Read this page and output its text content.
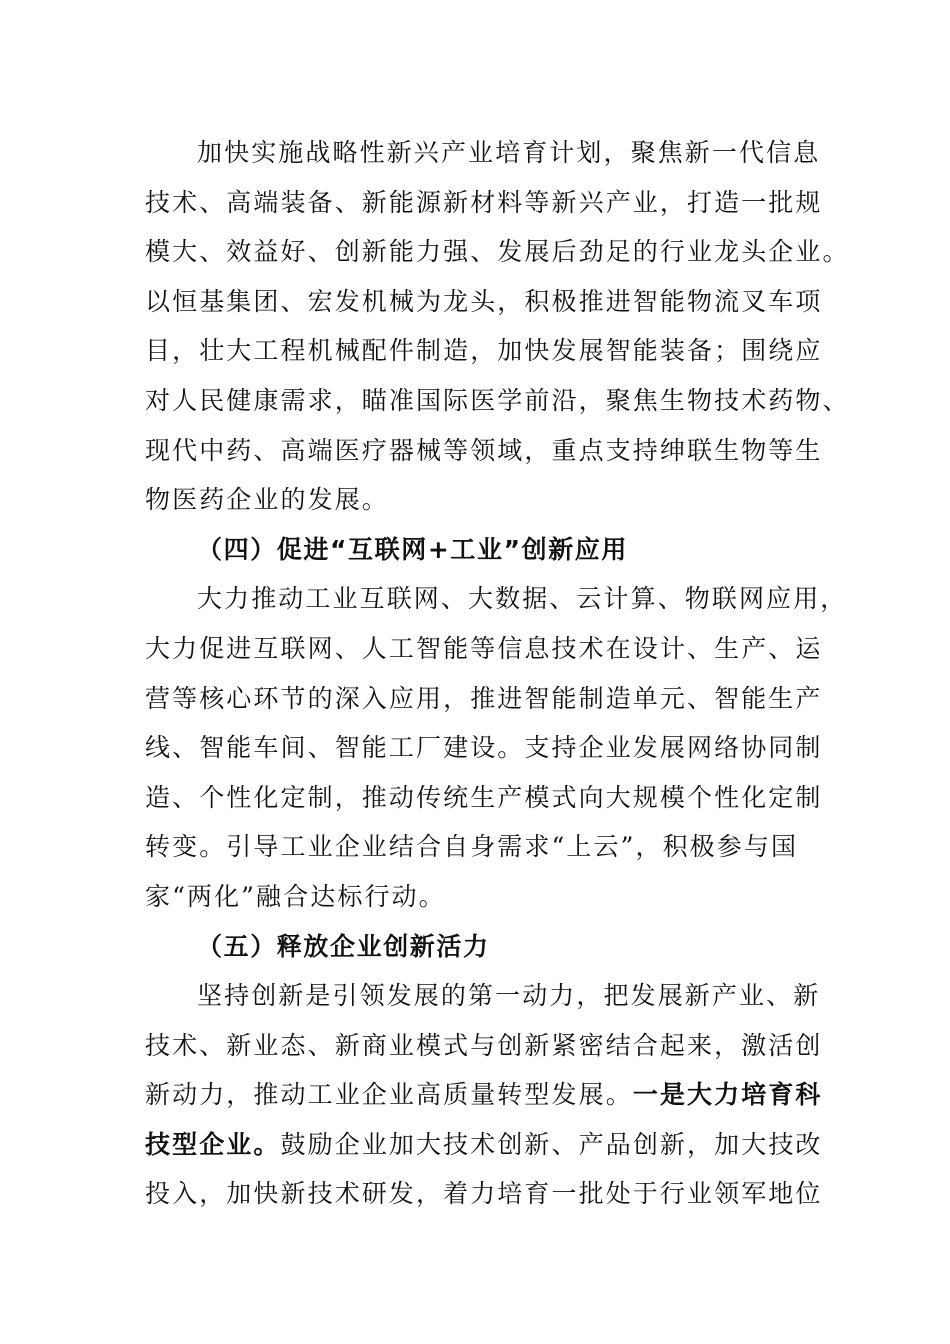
加快实施战略性新兴产业培育计划，聚焦新一代信息
技术、高端装备、新能源新材料等新兴产业，打造一批规
模大、效益好、创新能力强、发展后劲足的行业龙头企业。
以恒基集团、宏发机械为龙头，积极推进智能物流叉车项
目，壮大工程机械配件制造，加快发展智能装备；围绕应
对人民健康需求，瞄准国际医学前沿，聚焦生物技术药物、
现代中药、高端医疗器械等领域，重点支持绅联生物等生
物医药企业的发展。
（四）促进“互联网+工业”创新应用
大力推动工业互联网、大数据、云计算、物联网应用，
大力促进互联网、人工智能等信息技术在设计、生产、运
营等核心环节的深入应用，推进智能制造单元、智能生产
线、智能车间、智能工厂建设。支持企业发展网络协同制
造、个性化定制，推动传统生产模式向大规模个性化定制
转变。引导工业企业结合自身需求“上云”，积极参与国
家“两化”融合达标行动。
（五）释放企业创新活力
坚持创新是引领发展的第一动力，把发展新产业、新
技术、新业态、新商业模式与创新紧密结合起来，激活创
新动力，推动工业企业高质量转型发展。一是大力培育科
技型企业。鼓励企业加大技术创新、产品创新，加大技改
投入，加快新技术研发，着力培育一批处于行业领军地位
